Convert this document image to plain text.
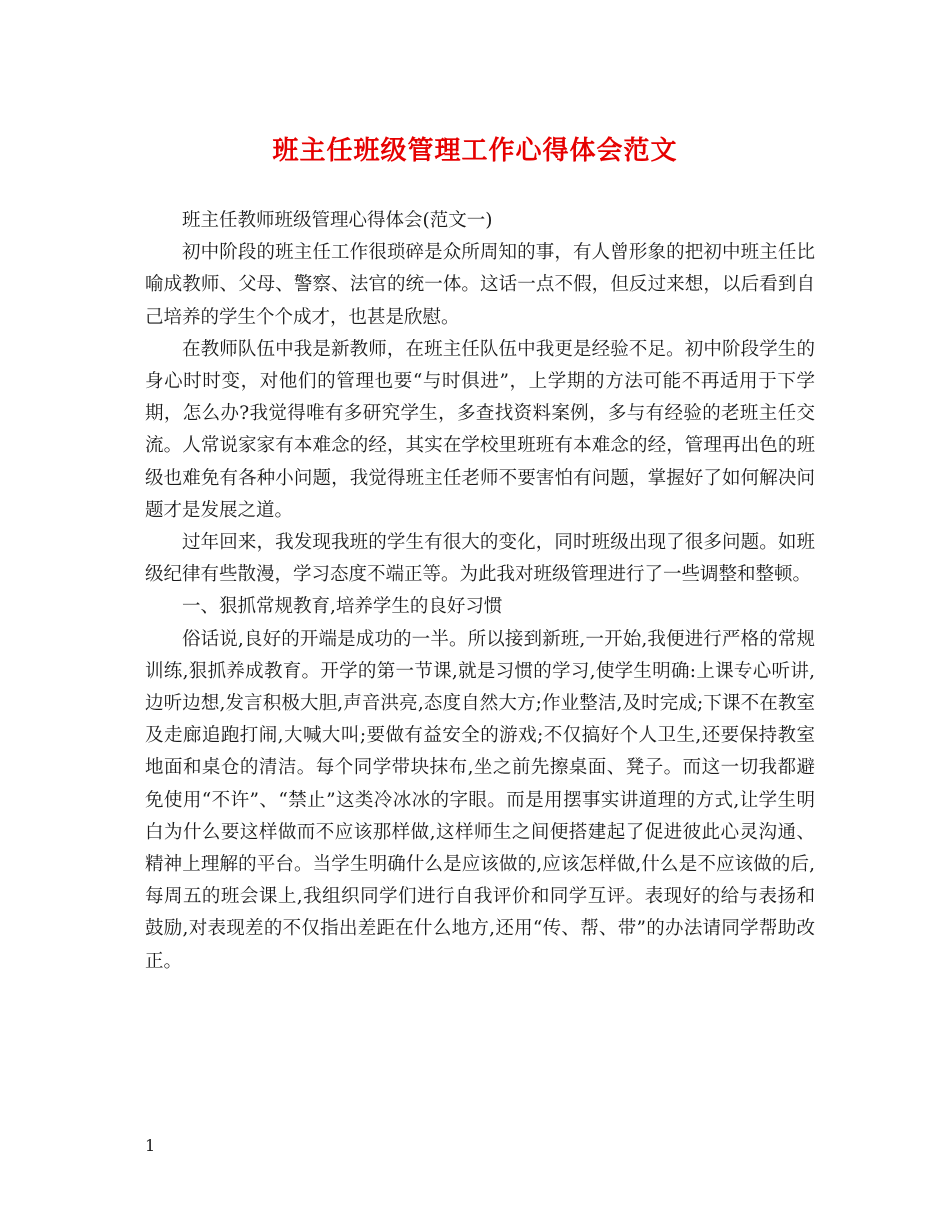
班主任班级管理工作心得体会范文

班主任教师班级管理心得体会(范文一)

初中阶段的班主任工作很琐碎是众所周知的事，有人曾形象的把初中班主任比喻成教师、父母、警察、法官的统一体。这话一点不假，但反过来想，以后看到自己培养的学生个个成才，也甚是欣慰。

在教师队伍中我是新教师，在班主任队伍中我更是经验不足。初中阶段学生的身心时时变，对他们的管理也要“与时俱进”，上学期的方法可能不再适用于下学期，怎么办?我觉得唯有多研究学生，多查找资料案例，多与有经验的老班主任交流。人常说家家有本难念的经，其实在学校里班班有本难念的经，管理再出色的班级也难免有各种小问题，我觉得班主任老师不要害怕有问题，掌握好了如何解决问题才是发展之道。

过年回来，我发现我班的学生有很大的变化，同时班级出现了很多问题。如班级纪律有些散漫，学习态度不端正等。为此我对班级管理进行了一些调整和整顿。

一、狠抓常规教育,培养学生的良好习惯

俗话说,良好的开端是成功的一半。所以接到新班,一开始,我便进行严格的常规训练,狠抓养成教育。开学的第一节课,就是习惯的学习,使学生明确:上课专心听讲,边听边想,发言积极大胆,声音洪亮,态度自然大方;作业整洁,及时完成;下课不在教室及走廊追跑打闹,大喊大叫;要做有益安全的游戏;不仅搞好个人卫生,还要保持教室地面和桌仓的清洁。每个同学带块抹布,坐之前先擦桌面、凳子。而这一切我都避免使用“不许”、“禁止”这类冷冰冰的字眼。而是用摆事实讲道理的方式,让学生明白为什么要这样做而不应该那样做,这样师生之间便搭建起了促进彼此心灵沟通、精神上理解的平台。当学生明确什么是应该做的,应该怎样做,什么是不应该做的后,每周五的班会课上,我组织同学们进行自我评价和同学互评。表现好的给与表扬和鼓励,对表现差的不仅指出差距在什么地方,还用“传、帮、带”的办法请同学帮助改正。

1
